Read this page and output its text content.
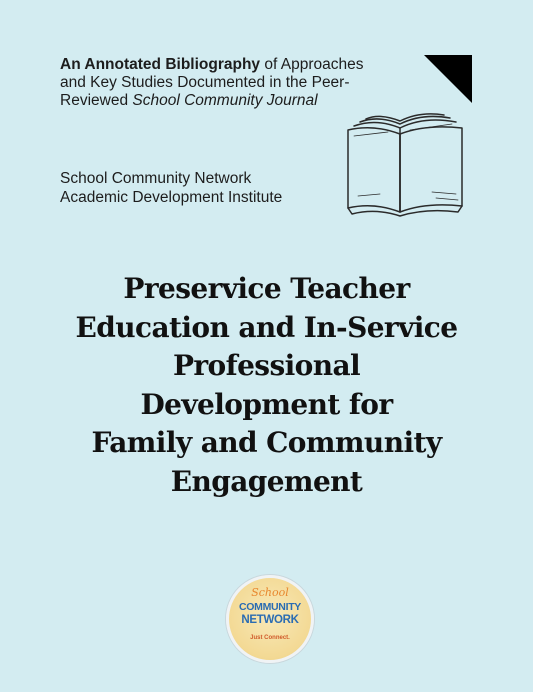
An Annotated Bibliography of Approaches
and Key Studies Documented in the Peer-
Reviewed School Community Journal
School Community Network
Academic Development Institute
Preservice Teacher
Education and In-Service
Professional
Development for
Family and Community
Engagement
School
COMMUNITY
NETWORK
Just Connect.
